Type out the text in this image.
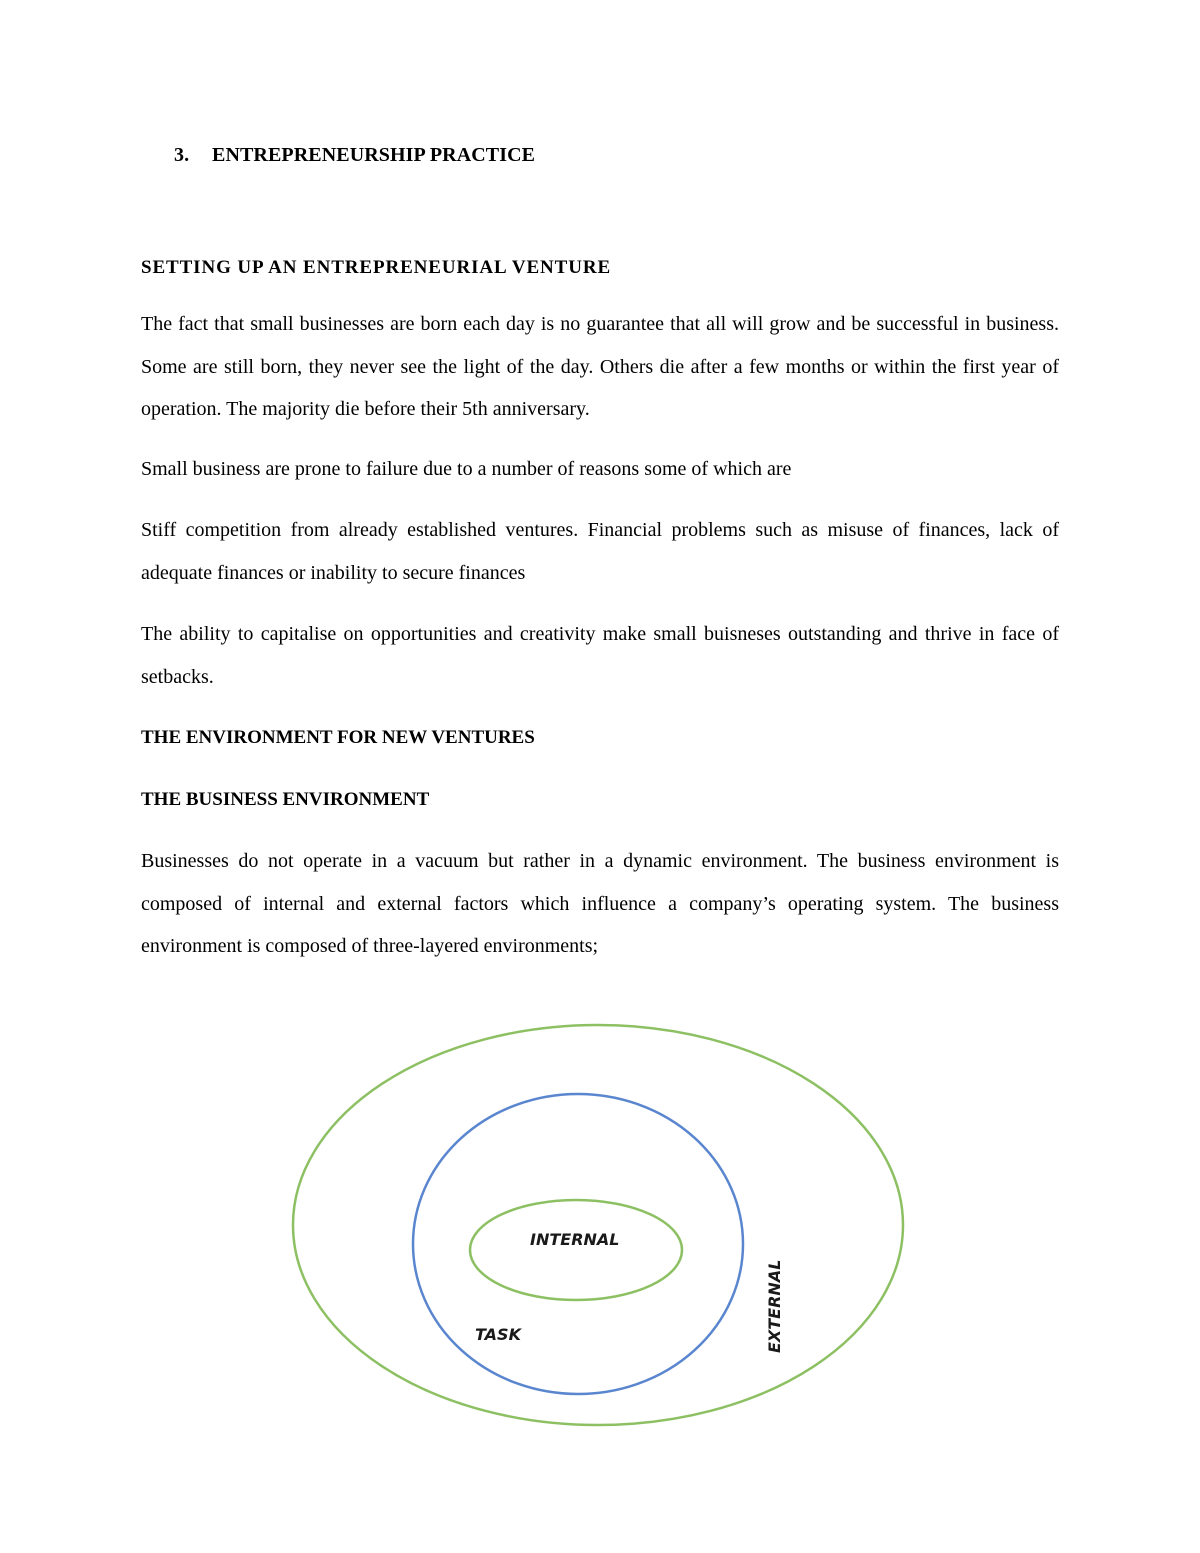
3. ENTREPRENEURSHIP PRACTICE
SETTING UP AN ENTREPRENEURIAL VENTURE

The fact that small businesses are born each day is no guarantee that all will grow and be successful in business. Some are still born, they never see the light of the day. Others die after a few months or within the first year of operation. The majority die before their 5th anniversary.

Small business are prone to failure due to a number of reasons some of which are

Stiff competition from already established ventures. Financial problems such as misuse of finances, lack of adequate finances or inability to secure finances

The ability to capitalise on opportunities and creativity make small buisneses outstanding and thrive in face of setbacks.

THE ENVIRONMENT FOR NEW VENTURES
THE BUSINESS ENVIRONMENT

Businesses do not operate in a vacuum but rather in a dynamic environment. The business environment is composed of internal and external factors which influence a company’s operating system. The business environment is composed of three-layered environments;

INTERNAL
TASK	EXTERNAL
